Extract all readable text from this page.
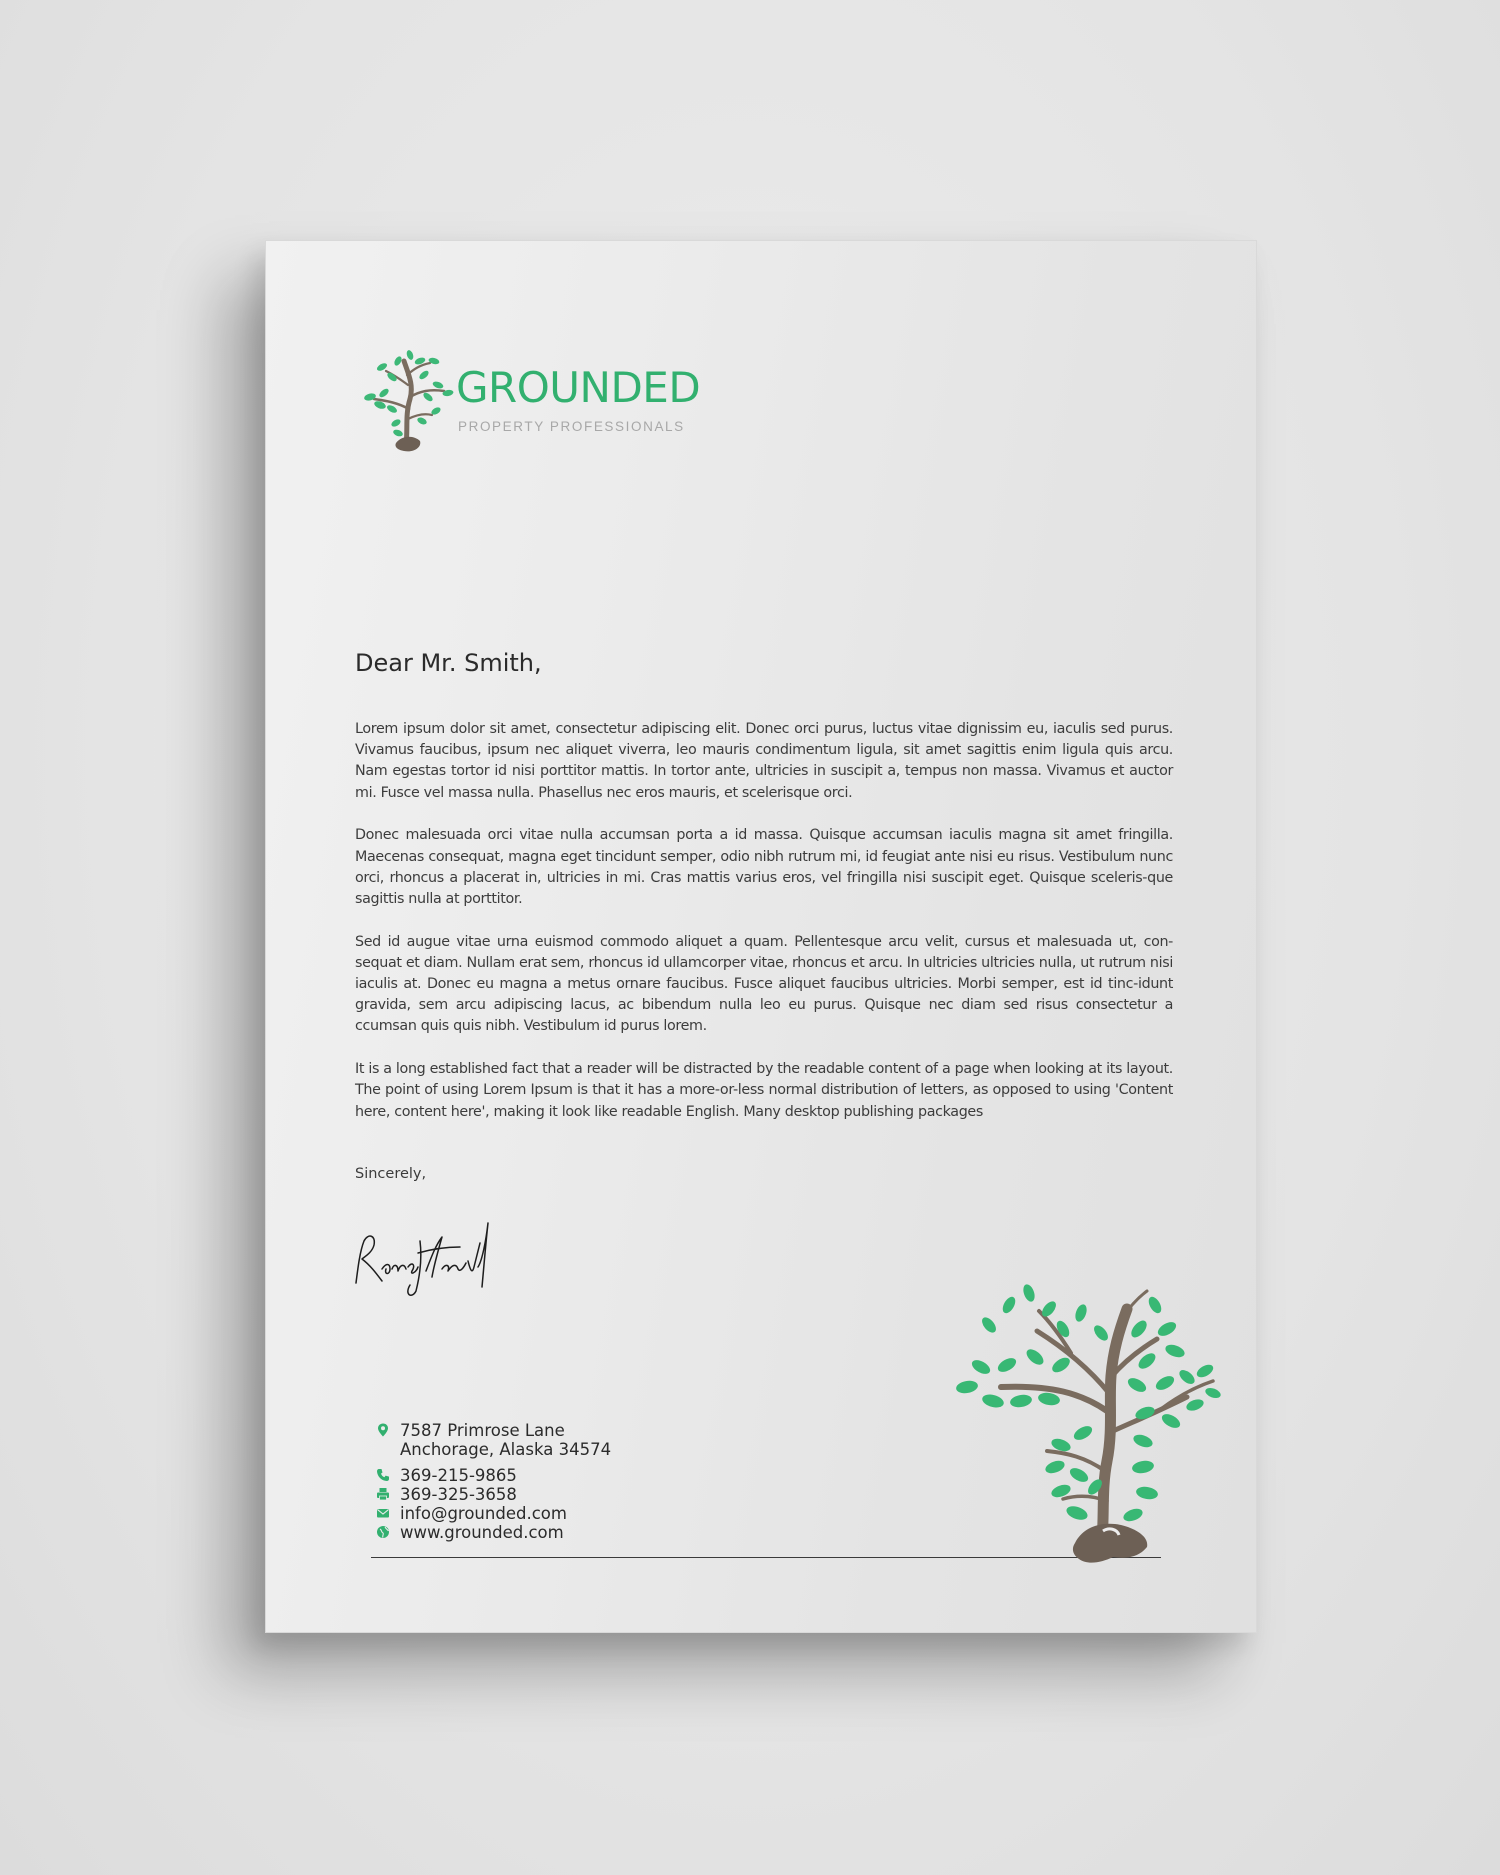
GROUNDED
PROPERTY PROFESSIONALS
Dear Mr. Smith,

Lorem ipsum dolor sit amet, consectetur adipiscing elit. Donec orci purus, luctus vitae dignissim eu, iaculis sed purus. Vivamus faucibus, ipsum nec aliquet viverra, leo mauris condimentum ligula, sit amet sagittis enim ligula quis arcu. Nam egestas tortor id nisi porttitor mattis. In tortor ante, ultricies in suscipit a, tempus non massa. Vivamus et auctor mi. Fusce vel massa nulla. Phasellus nec eros mauris, et scelerisque orci.

Donec malesuada orci vitae nulla accumsan porta a id massa. Quisque accumsan iaculis magna sit amet fringilla. Maecenas consequat, magna eget tincidunt semper, odio nibh rutrum mi, id feugiat ante nisi eu risus. Vestibulum nunc orci, rhoncus a placerat in, ultricies in mi. Cras mattis varius eros, vel fringilla nisi suscipit eget. Quisque sceleris-que sagittis nulla at porttitor.

Sed id augue vitae urna euismod commodo aliquet a quam. Pellentesque arcu velit, cursus et malesuada ut, con-sequat et diam. Nullam erat sem, rhoncus id ullamcorper vitae, rhoncus et arcu. In ultricies ultricies nulla, ut rutrum nisi iaculis at. Donec eu magna a metus ornare faucibus. Fusce aliquet faucibus ultricies. Morbi semper, est id tinc-idunt gravida, sem arcu adipiscing lacus, ac bibendum nulla leo eu purus. Quisque nec diam sed risus consectetur a ccumsan quis quis nibh. Vestibulum id purus lorem.

It is a long established fact that a reader will be distracted by the readable content of a page when looking at its layout. The point of using Lorem Ipsum is that it has a more-or-less normal distribution of letters, as opposed to using 'Content here, content here', making it look like readable English. Many desktop publishing packages

Sincerely,
7587 Primrose Lane
Anchorage, Alaska 34574
369-215-9865
369-325-3658
info@grounded.com
www.grounded.com
